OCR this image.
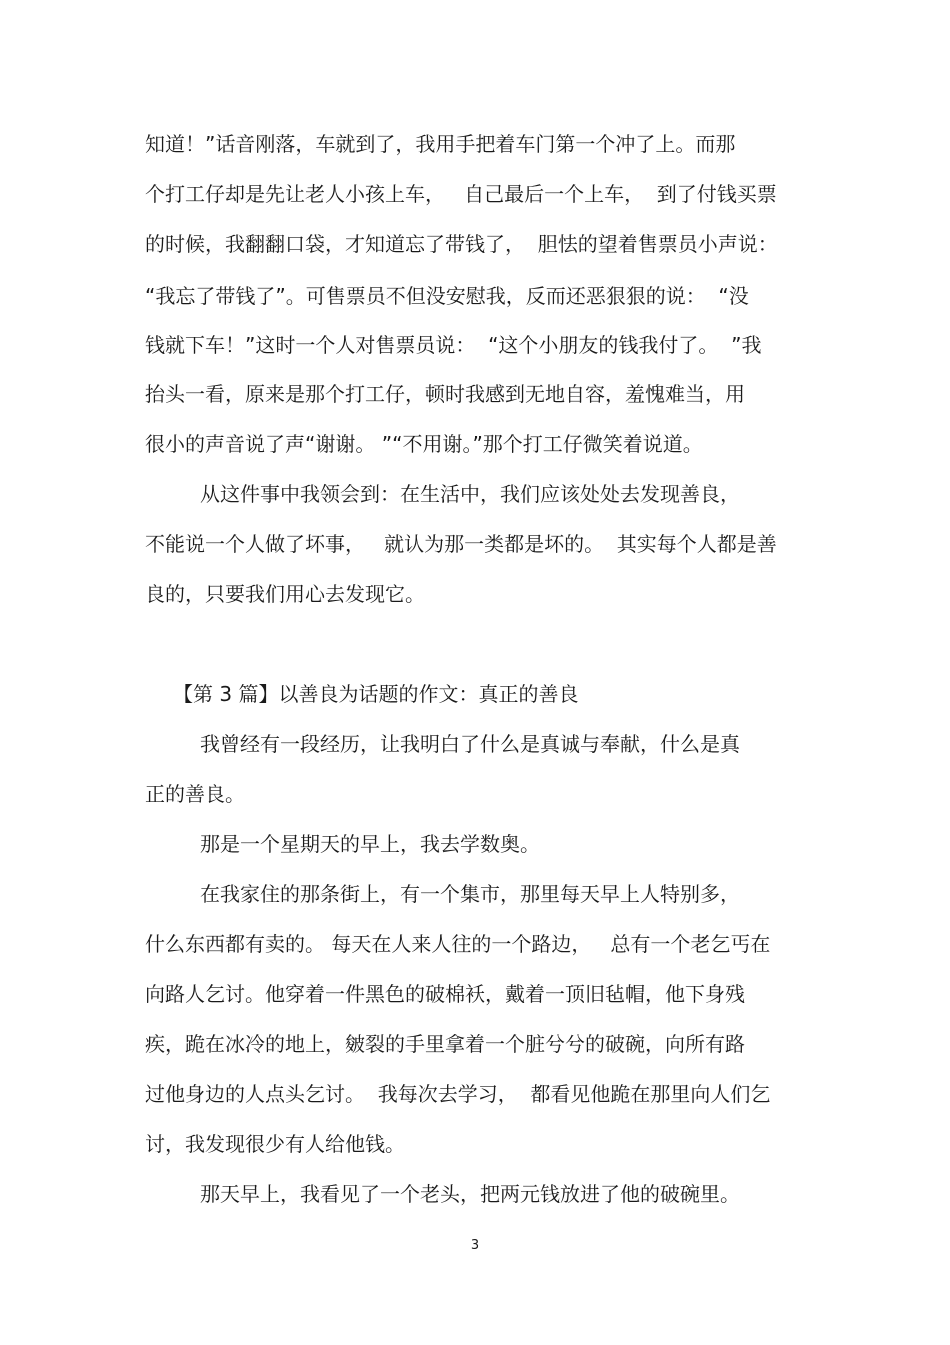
知道！”话音刚落，车就到了，我用手把着车门第一个冲了上。而那
个打工仔却是先让老人小孩上车，   自己最后一个上车，  到了付钱买票
的时候，我翻翻口袋，才知道忘了带钱了，  胆怯的望着售票员小声说：
“我忘了带钱了”。可售票员不但没安慰我，反而还恶狠狠的说：  “没
钱就下车！”这时一个人对售票员说：  “这个小朋友的钱我付了。  ”我
抬头一看，原来是那个打工仔，顿时我感到无地自容，羞愧难当，用
很小的声音说了声“谢谢。 ”“不用谢。”那个打工仔微笑着说道。
从这件事中我领会到：在生活中，我们应该处处去发现善良，
不能说一个人做了坏事，   就认为那一类都是坏的。  其实每个人都是善
良的，只要我们用心去发现它。
【第 3 篇】以善良为话题的作文：真正的善良
我曾经有一段经历，让我明白了什么是真诚与奉献，什么是真
正的善良。
那是一个星期天的早上，我去学数奥。
在我家住的那条街上，有一个集市，那里每天早上人特别多，
什么东西都有卖的。 每天在人来人往的一个路边，   总有一个老乞丐在
向路人乞讨。他穿着一件黑色的破棉袄，戴着一顶旧毡帽，他下身残
疾，跪在冰冷的地上，皴裂的手里拿着一个脏兮兮的破碗，向所有路
过他身边的人点头乞讨。  我每次去学习，  都看见他跪在那里向人们乞
讨，我发现很少有人给他钱。
那天早上，我看见了一个老头，把两元钱放进了他的破碗里。
3
